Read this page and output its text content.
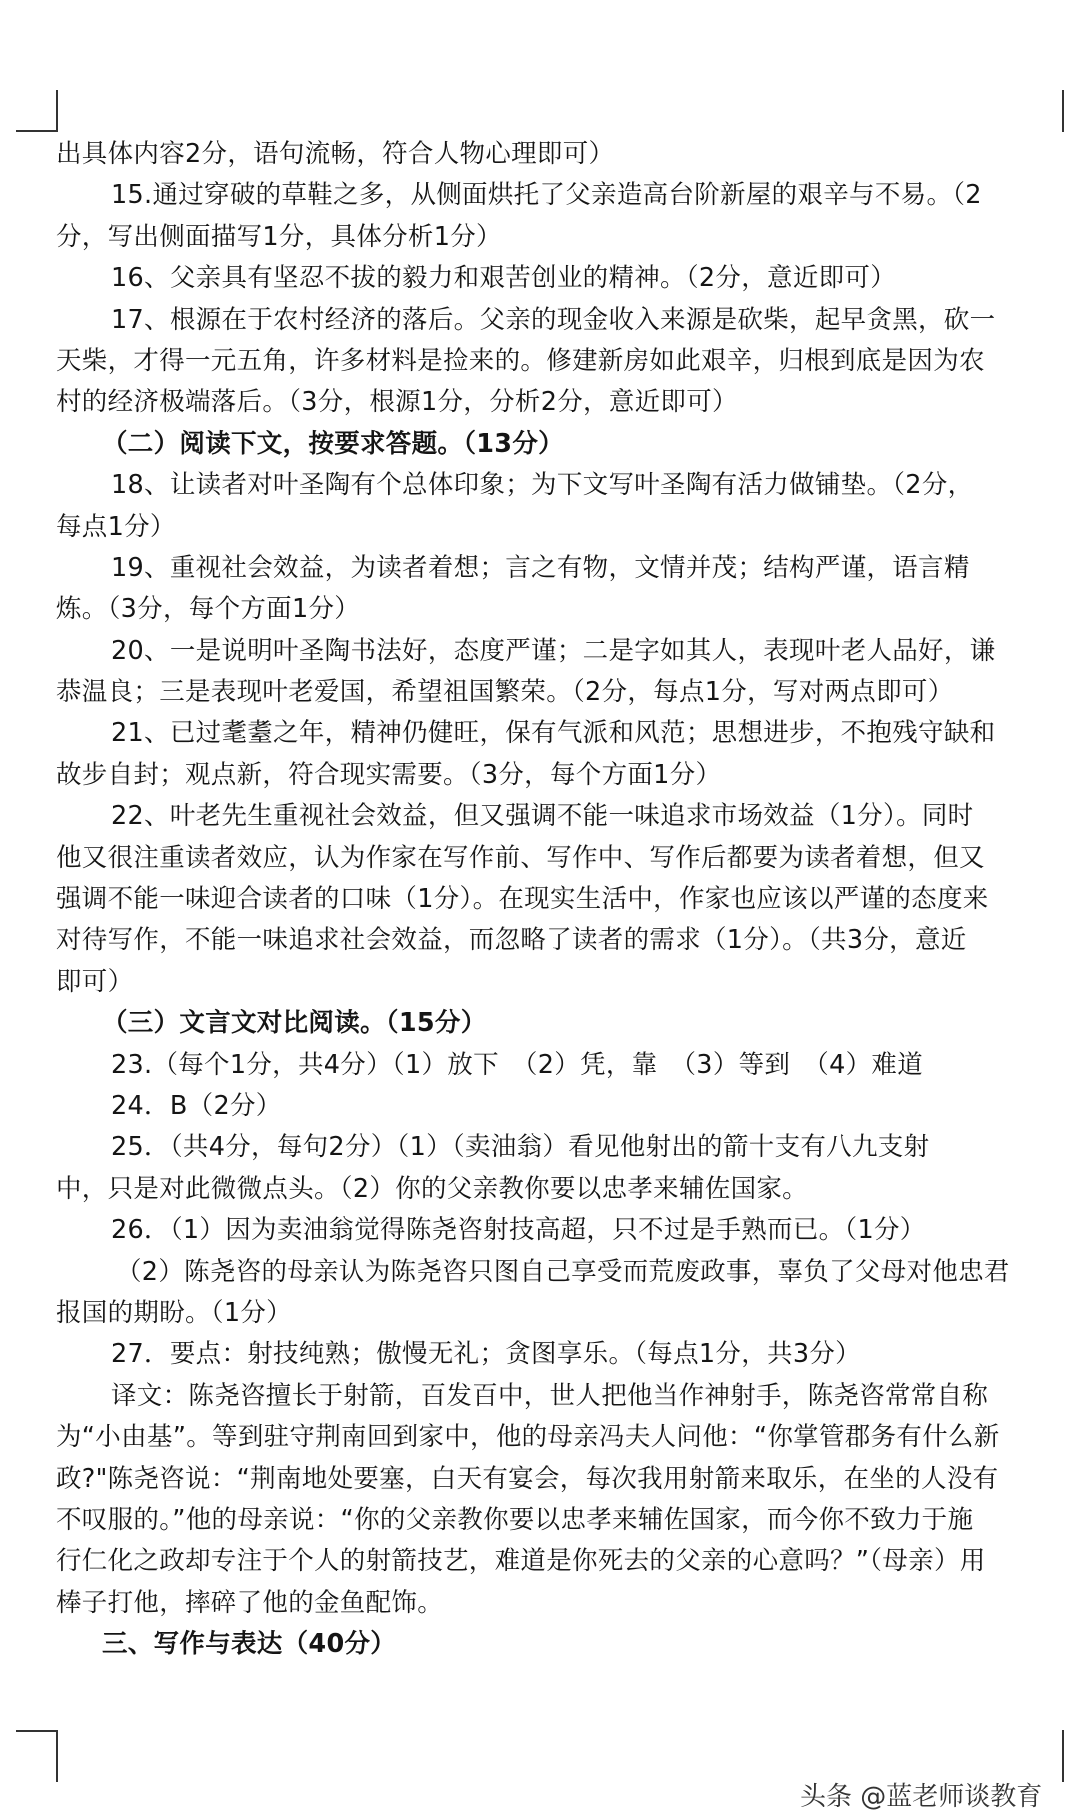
出具体内容2分，语句流畅，符合人物心理即可）
15.通过穿破的草鞋之多，从侧面烘托了父亲造高台阶新屋的艰辛与不易。（2
分，写出侧面描写1分，具体分析1分）
16、父亲具有坚忍不拔的毅力和艰苦创业的精神。（2分，意近即可）
17、根源在于农村经济的落后。父亲的现金收入来源是砍柴，起早贪黑，砍一
天柴，才得一元五角，许多材料是捡来的。修建新房如此艰辛，归根到底是因为农
村的经济极端落后。（3分，根源1分，分析2分，意近即可）
（二）阅读下文，按要求答题。（13分）
18、让读者对叶圣陶有个总体印象；为下文写叶圣陶有活力做铺垫。（2分，
每点1分）
19、重视社会效益，为读者着想；言之有物，文情并茂；结构严谨，语言精
炼。（3分，每个方面1分）
20、一是说明叶圣陶书法好，态度严谨；二是字如其人，表现叶老人品好，谦
恭温良；三是表现叶老爱国，希望祖国繁荣。（2分，每点1分，写对两点即可）
21、已过耄耋之年，精神仍健旺，保有气派和风范；思想进步，不抱残守缺和
故步自封；观点新，符合现实需要。（3分，每个方面1分）
22、叶老先生重视社会效益，但又强调不能一味追求市场效益（1分）。同时
他又很注重读者效应，认为作家在写作前、写作中、写作后都要为读者着想，但又
强调不能一味迎合读者的口味（1分）。在现实生活中，作家也应该以严谨的态度来
对待写作，不能一味追求社会效益，而忽略了读者的需求（1分）。（共3分，意近
即可）
（三）文言文对比阅读。（15分）
23.（每个1分，共4分）（1）放下　（2）凭，靠　（3）等到　（4）难道
24．B（2分）
25．（共4分，每句2分）（1）（卖油翁）看见他射出的箭十支有八九支射
中，只是对此微微点头。（2）你的父亲教你要以忠孝来辅佐国家。
26．（1）因为卖油翁觉得陈尧咨射技高超，只不过是手熟而已。（1分）
（2）陈尧咨的母亲认为陈尧咨只图自己享受而荒废政事，辜负了父母对他忠君
报国的期盼。（1分）
27．要点：射技纯熟；傲慢无礼；贪图享乐。（每点1分，共3分）
译文：陈尧咨擅长于射箭，百发百中，世人把他当作神射手，陈尧咨常常自称
为“小由基”。等到驻守荆南回到家中，他的母亲冯夫人问他：“你掌管郡务有什么新
政?"陈尧咨说：“荆南地处要塞，白天有宴会，每次我用射箭来取乐，在坐的人没有
不叹服的。”他的母亲说：“你的父亲教你要以忠孝来辅佐国家，而今你不致力于施
行仁化之政却专注于个人的射箭技艺，难道是你死去的父亲的心意吗？”（母亲）用
棒子打他，摔碎了他的金鱼配饰。
三、写作与表达（40分）
头条 @蓝老师谈教育
